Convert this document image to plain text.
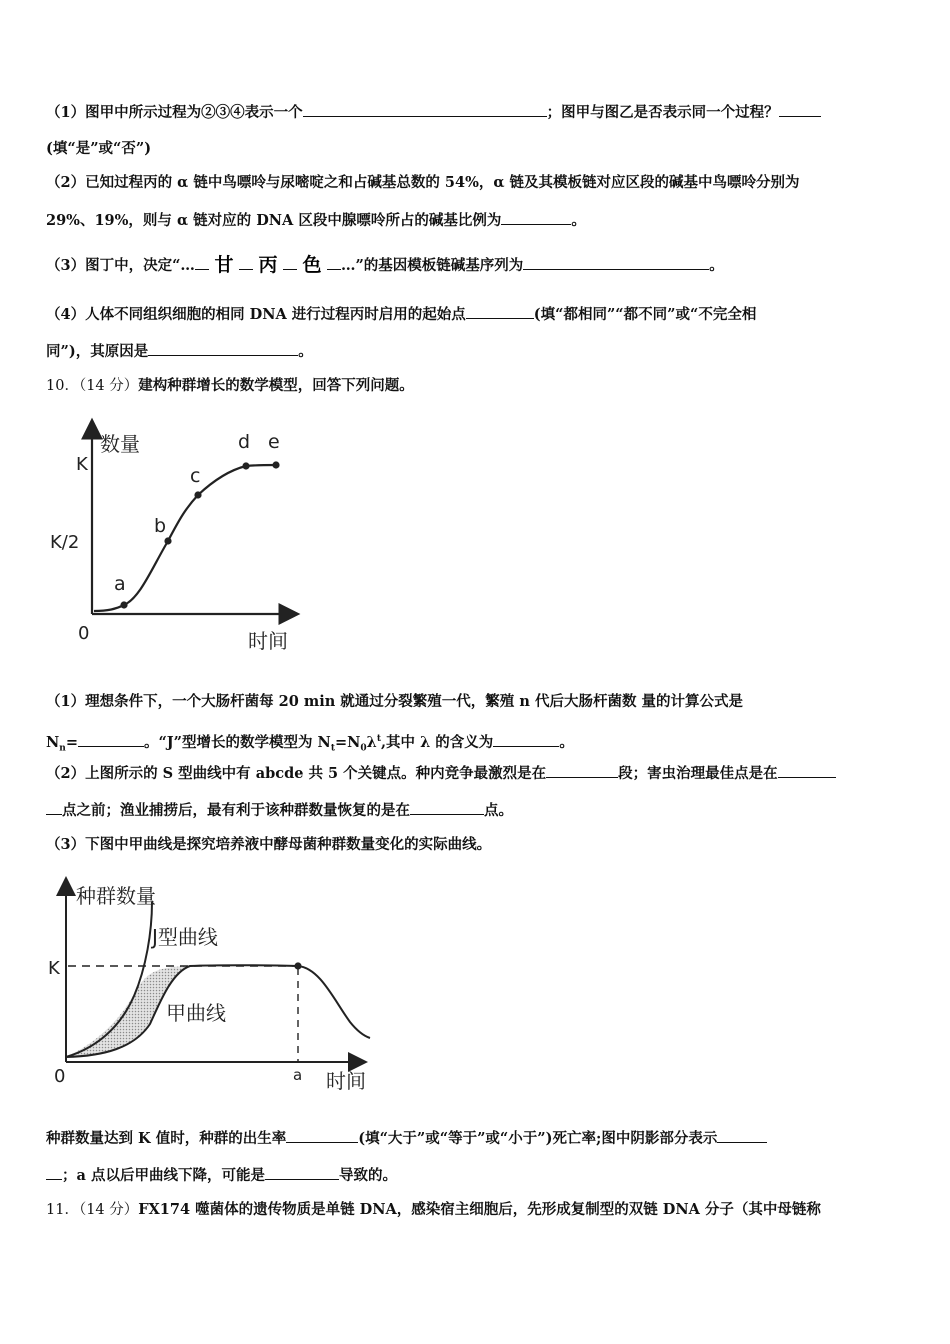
（1）图甲中所示过程为②③④表示一个	；图甲与图乙是否表示同一个过程？
(填“是”或“否”)
（2）已知过程丙的 α 链中鸟嘌呤与尿嘧啶之和占碱基总数的 54%，α 链及其模板链对应区段的碱基中鸟嘌呤分别为
29%、19%，则与 α 链对应的 DNA 区段中腺嘌呤所占的碱基比例为	。
（3）图丁中，决定“… 甘 丙 色 …”的基因模板链碱基序列为	。
（4）人体不同组织细胞的相同 DNA 进行过程丙时启用的起始点	(填“都相同”“都不同”或“不完全相
同”)，其原因是	。
10．（14 分）建构种群增长的数学模型，回答下列问题。
数量
时间
K
K/2
0
a
b
c
d e
（1）理想条件下，一个大肠杆菌每 20 min 就通过分裂繁殖一代，繁殖 n 代后大肠杆菌数 量的计算公式是
$N_n=$	。“J”型增长的数学模型为 $N_t=N_0\lambda^t$,其中 λ 的含义为	。
（2）上图所示的 S 型曲线中有 abcde 共 5 个关键点。种内竞争最激烈是在	段；害虫治理最佳点是在
点之前；渔业捕捞后，最有利于该种群数量恢复的是在	点。
（3）下图中甲曲线是探究培养液中酵母菌种群数量变化的实际曲线。
种群数量
时间
K
0	a
J型曲线
甲曲线
种群数量达到 K 值时，种群的出生率	(填“大于”或“等于”或“小于”)死亡率;图中阴影部分表示
；a 点以后甲曲线下降，可能是	导致的。
11．（14 分）FX174 噬菌体的遗传物质是单链 DNA，感染宿主细胞后，先形成复制型的双链 DNA 分子（其中母链称
